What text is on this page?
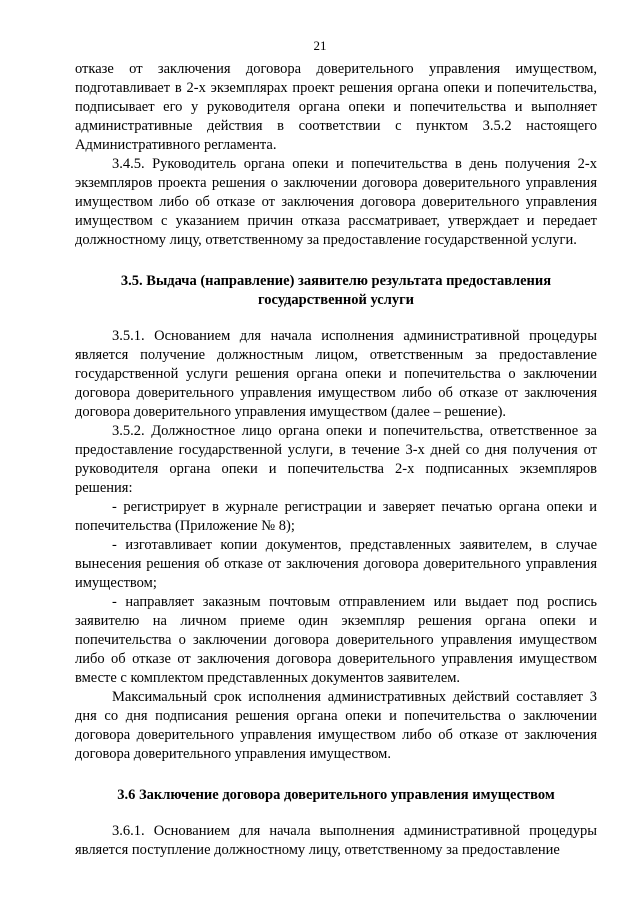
21

отказе от заключения договора доверительного управления имуществом, подготавливает в 2-х экземплярах проект решения органа опеки и попечительства, подписывает его у руководителя органа опеки и попечительства и выполняет административные действия в соответствии с пунктом 3.5.2 настоящего Административного регламента.

3.4.5. Руководитель органа опеки и попечительства в день получения 2-х экземпляров проекта решения о заключении договора доверительного управления имуществом либо об отказе от заключения договора доверительного управления имуществом с указанием причин отказа рассматривает, утверждает и передает должностному лицу, ответственному за предоставление государственной услуги.

3.5. Выдача (направление) заявителю результата предоставления государственной услуги

3.5.1. Основанием для начала исполнения административной процедуры является получение должностным лицом, ответственным за предоставление государственной услуги решения органа опеки и попечительства о заключении договора доверительного управления имуществом либо об отказе от заключения договора доверительного управления имуществом (далее – решение).

3.5.2. Должностное лицо органа опеки и попечительства, ответственное за предоставление государственной услуги, в течение 3-х дней со дня получения от руководителя органа опеки и попечительства 2-х подписанных экземпляров решения:

- регистрирует в журнале регистрации и заверяет печатью органа опеки и попечительства (Приложение № 8);

- изготавливает копии документов, представленных заявителем, в случае вынесения решения об отказе от заключения договора доверительного управления имуществом;

- направляет заказным почтовым отправлением или выдает под роспись заявителю на личном приеме один экземпляр решения органа опеки и попечительства о заключении договора доверительного управления имуществом либо об отказе от заключения договора доверительного управления имуществом вместе с комплектом представленных документов заявителем.

Максимальный срок исполнения административных действий составляет 3 дня со дня подписания решения органа опеки и попечительства о заключении договора доверительного управления имуществом либо об отказе от заключения договора доверительного управления имуществом.

3.6 Заключение договора доверительного управления имуществом

3.6.1. Основанием для начала выполнения административной процедуры является поступление должностному лицу, ответственному за предоставление
